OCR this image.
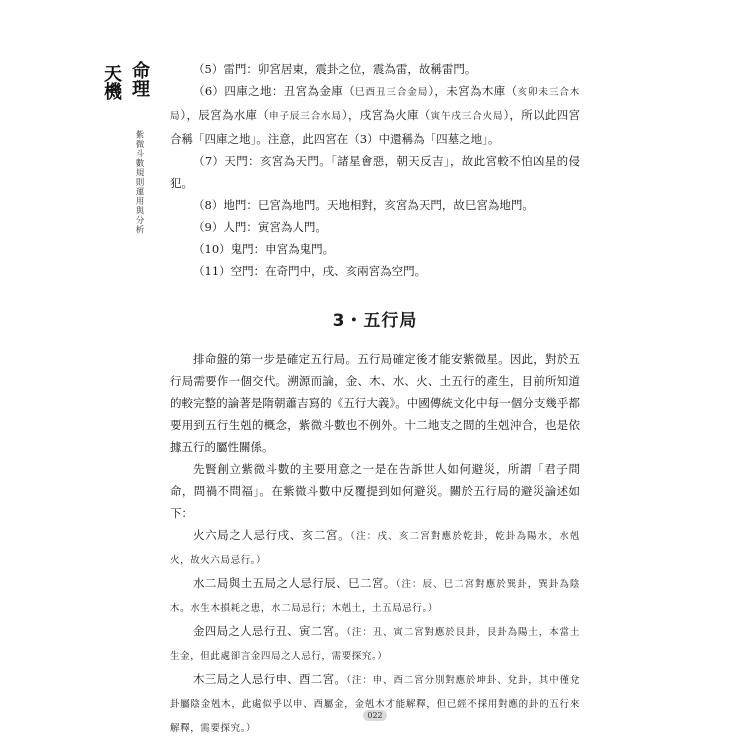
命理
天機
紫微斗數規則運用與分析

（5）雷門：卯宮居東，震卦之位，震為雷，故稱雷門。

（6）四庫之地：丑宮為金庫（巳酉丑三合金局），未宮為木庫（亥卯未三合木局），辰宮為水庫（申子辰三合水局），戌宮為火庫（寅午戌三合火局），所以此四宮合稱「四庫之地」。注意，此四宮在（3）中還稱為「四墓之地」。

（7）天門：亥宮為天門。「諸星會惡，朝天反吉」，故此宮較不怕凶星的侵犯。

（8）地門：巳宮為地門。天地相對，亥宮為天門，故巳宮為地門。

（9）人門：寅宮為人門。

（10）鬼門：申宮為鬼門。

（11）空門：在奇門中，戌、亥兩宮為空門。

3・五行局

排命盤的第一步是確定五行局。五行局確定後才能安紫微星。因此，對於五行局需要作一個交代。溯源而論，金、木、水、火、土五行的產生，目前所知道的較完整的論著是隋朝蕭吉寫的《五行大義》。中國傳統文化中每一個分支幾乎都要用到五行生剋的概念，紫微斗數也不例外。十二地支之間的生剋沖合，也是依據五行的屬性關係。

先賢創立紫微斗數的主要用意之一是在告訴世人如何避災，所謂「君子問命，問禍不問福」。在紫微斗數中反覆提到如何避災。關於五行局的避災論述如下：

火六局之人忌行戌、亥二宮。（注：戌、亥二宮對應於乾卦，乾卦為陽水，水剋火，故火六局忌行。）

水二局與土五局之人忌行辰、巳二宮。（注：辰、巳二宮對應於巽卦，巽卦為陰木。水生木損耗之患，水二局忌行；木剋土，土五局忌行。）

金四局之人忌行丑、寅二宮。（注：丑、寅二宮對應於艮卦，艮卦為陽土，本當土生金，但此處卻言金四局之人忌行，需要探究。）

木三局之人忌行申、酉二宮。（注：申、酉二宮分別對應於坤卦、兌卦，其中僅兌卦屬陰金剋木，此處似乎以申、酉屬金，金剋木才能解釋，但已經不採用對應的卦的五行來解釋，需要探究。）

022
